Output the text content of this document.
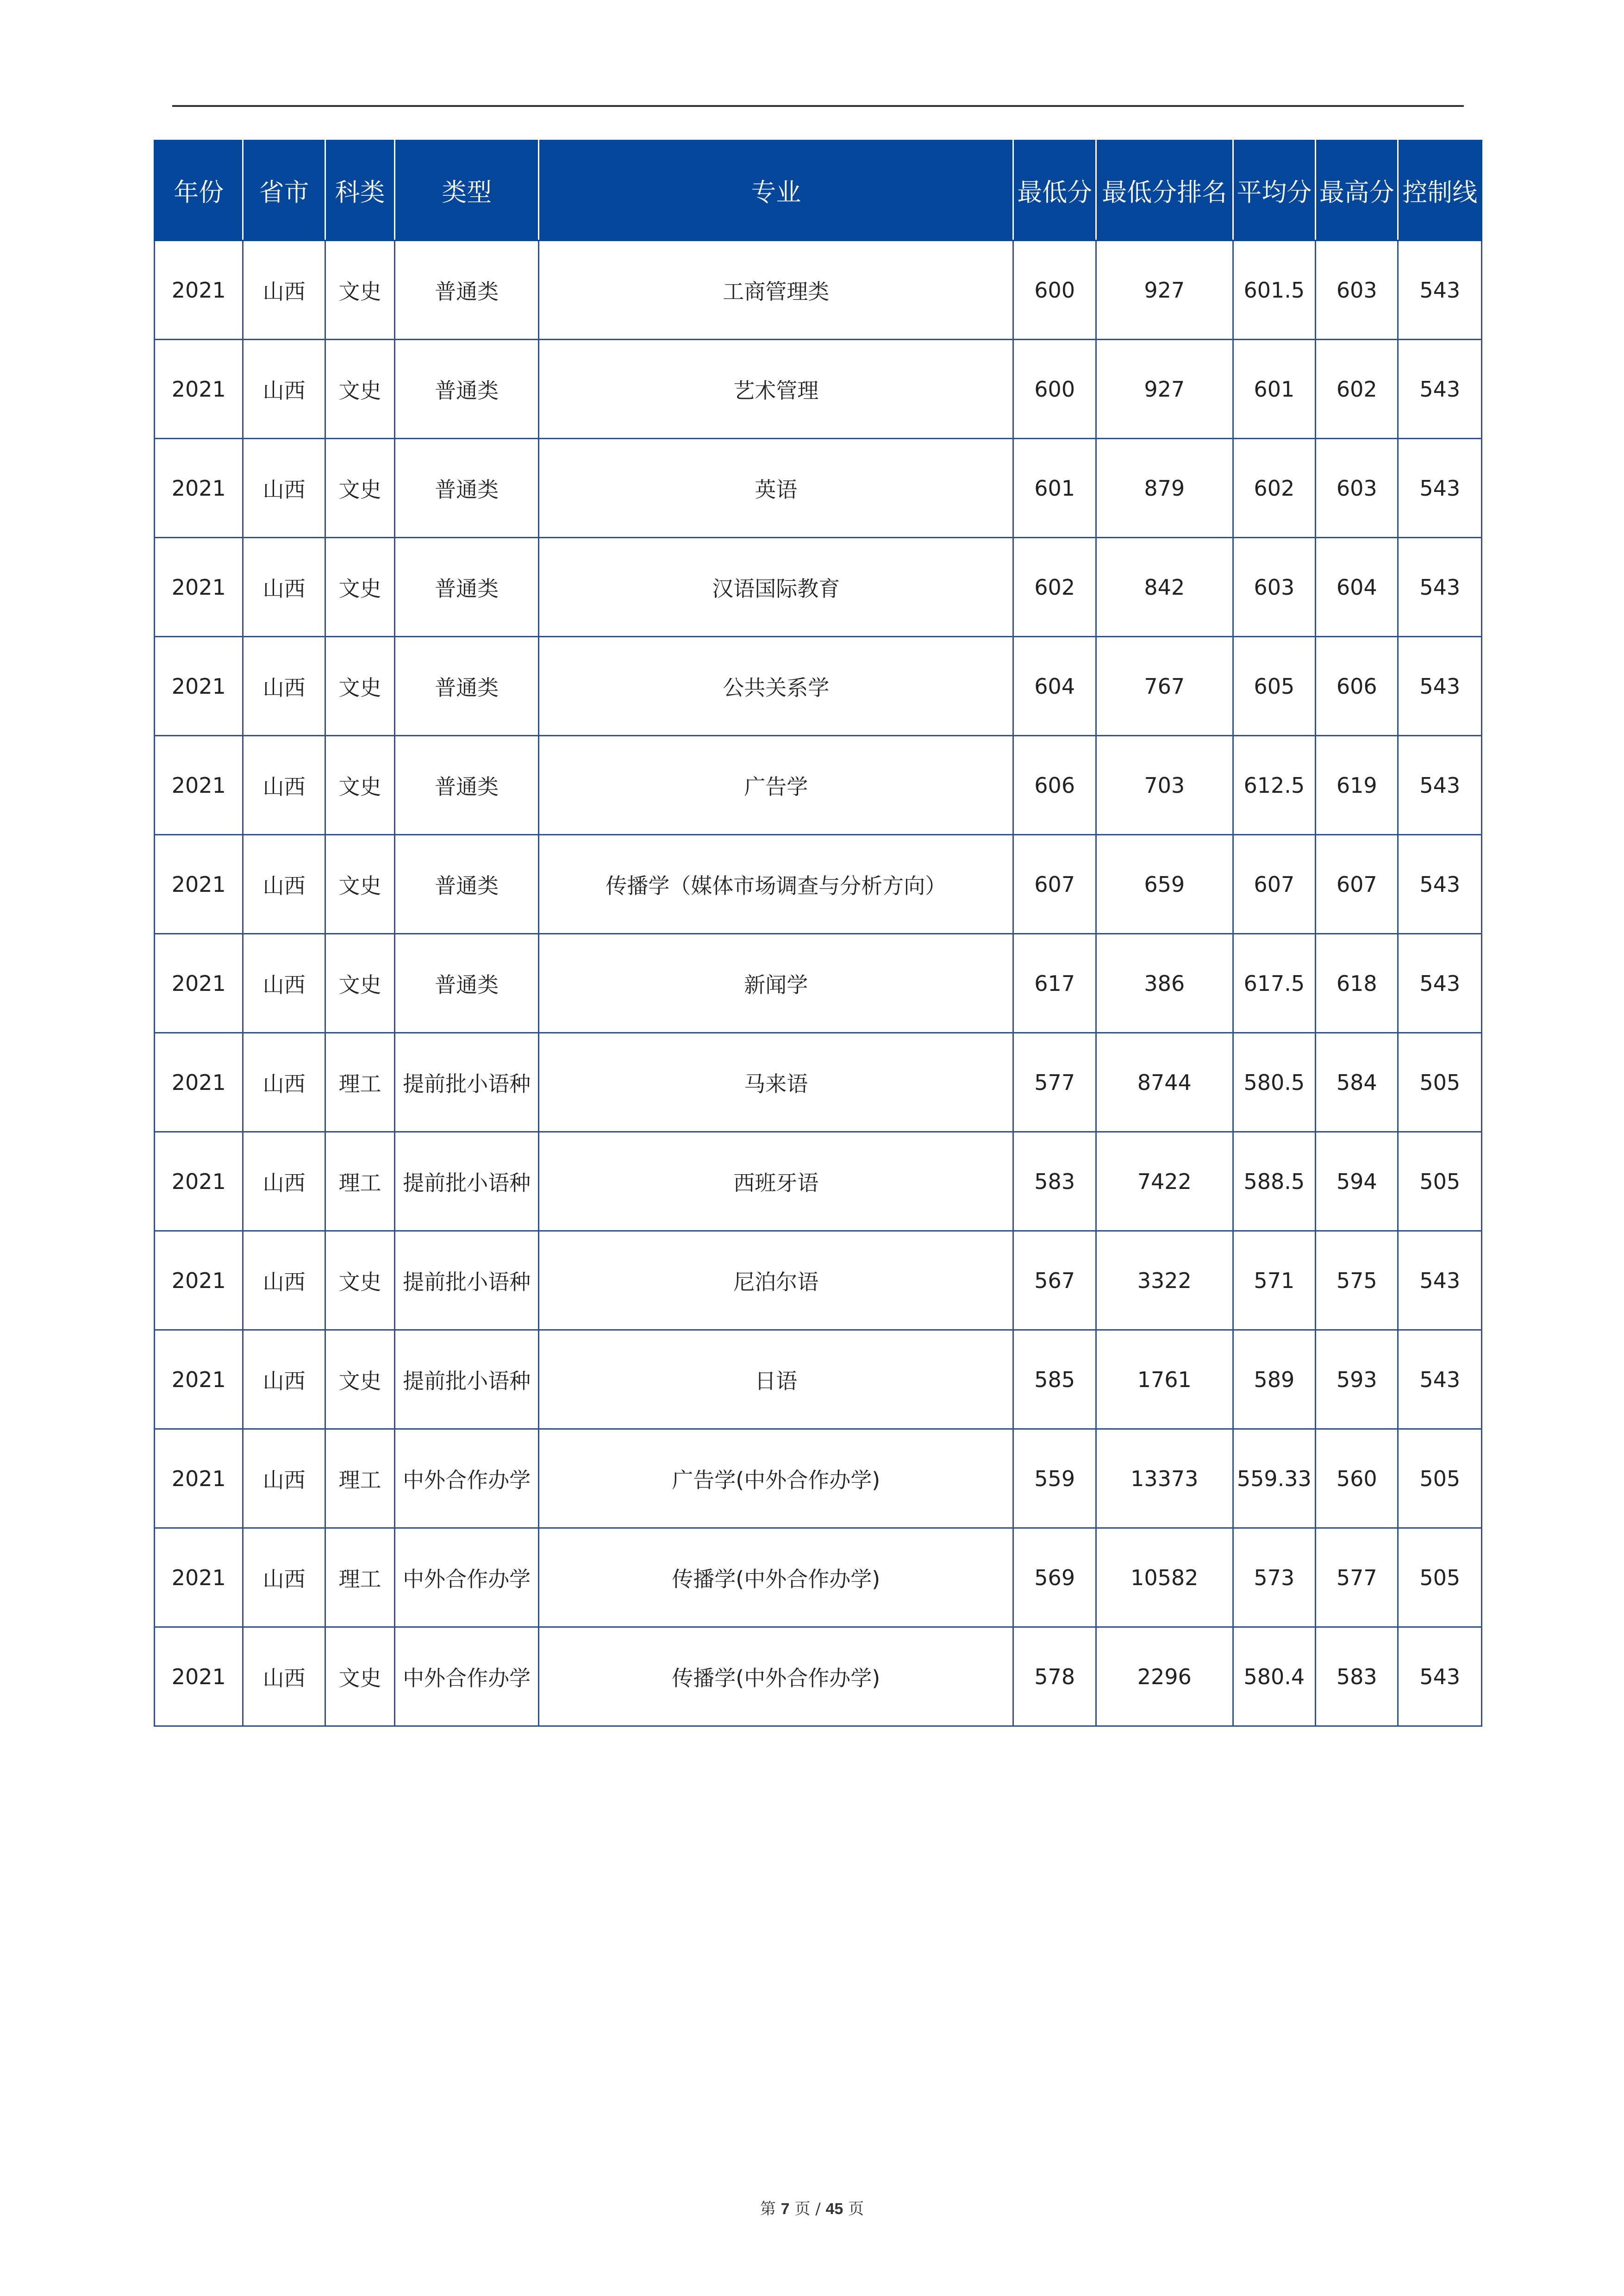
年份	省市	科类	类型	专业	最低分	最低分排名	平均分	最高分	控制线
2021	山西	文史	普通类	工商管理类	600	927	601.5	603	543
2021	山西	文史	普通类	艺术管理	600	927	601	602	543
2021	山西	文史	普通类	英语	601	879	602	603	543
2021	山西	文史	普通类	汉语国际教育	602	842	603	604	543
2021	山西	文史	普通类	公共关系学	604	767	605	606	543
2021	山西	文史	普通类	广告学	606	703	612.5	619	543
2021	山西	文史	普通类	传播学（媒体市场调查与分析方向）	607	659	607	607	543
2021	山西	文史	普通类	新闻学	617	386	617.5	618	543
2021	山西	理工	提前批小语种	马来语	577	8744	580.5	584	505
2021	山西	理工	提前批小语种	西班牙语	583	7422	588.5	594	505
2021	山西	文史	提前批小语种	尼泊尔语	567	3322	571	575	543
2021	山西	文史	提前批小语种	日语	585	1761	589	593	543
2021	山西	理工	中外合作办学	广告学(中外合作办学)	559	13373	559.33	560	505
2021	山西	理工	中外合作办学	传播学(中外合作办学)	569	10582	573	577	505
2021	山西	文史	中外合作办学	传播学(中外合作办学)	578	2296	580.4	583	543
第 7 页 / 45 页
